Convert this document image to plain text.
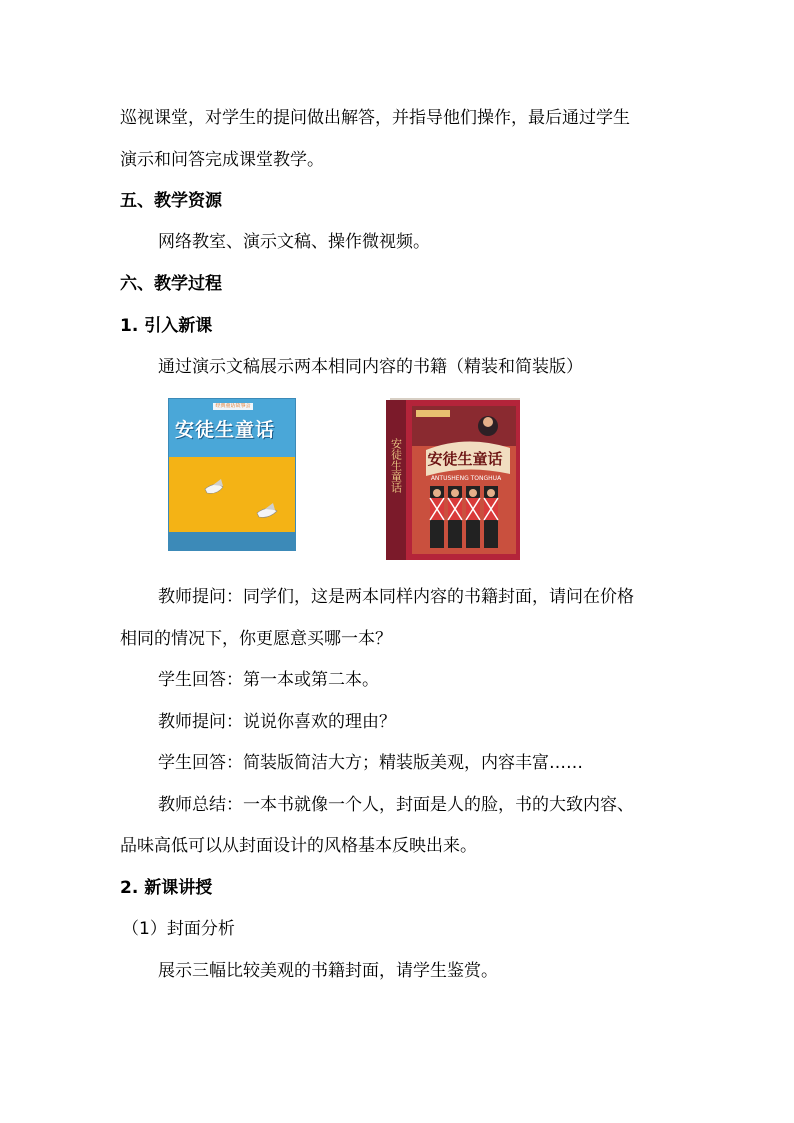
巡视课堂，对学生的提问做出解答，并指导他们操作，最后通过学生
演示和问答完成课堂教学。
五、教学资源
网络教室、演示文稿、操作微视频。
六、教学过程
1. 引入新课
通过演示文稿展示两本相同内容的书籍（精装和简装版）
经典童话故事会
安徒生童话
安徒生童话
ANTUSHENG TONGHUA
安徒生童话
教师提问：同学们，这是两本同样内容的书籍封面，请问在价格
相同的情况下，你更愿意买哪一本？
学生回答：第一本或第二本。
教师提问：说说你喜欢的理由？
学生回答：简装版简洁大方；精装版美观，内容丰富……
教师总结：一本书就像一个人，封面是人的脸，书的大致内容、
品味高低可以从封面设计的风格基本反映出来。
2. 新课讲授
（1）封面分析
展示三幅比较美观的书籍封面，请学生鉴赏。
